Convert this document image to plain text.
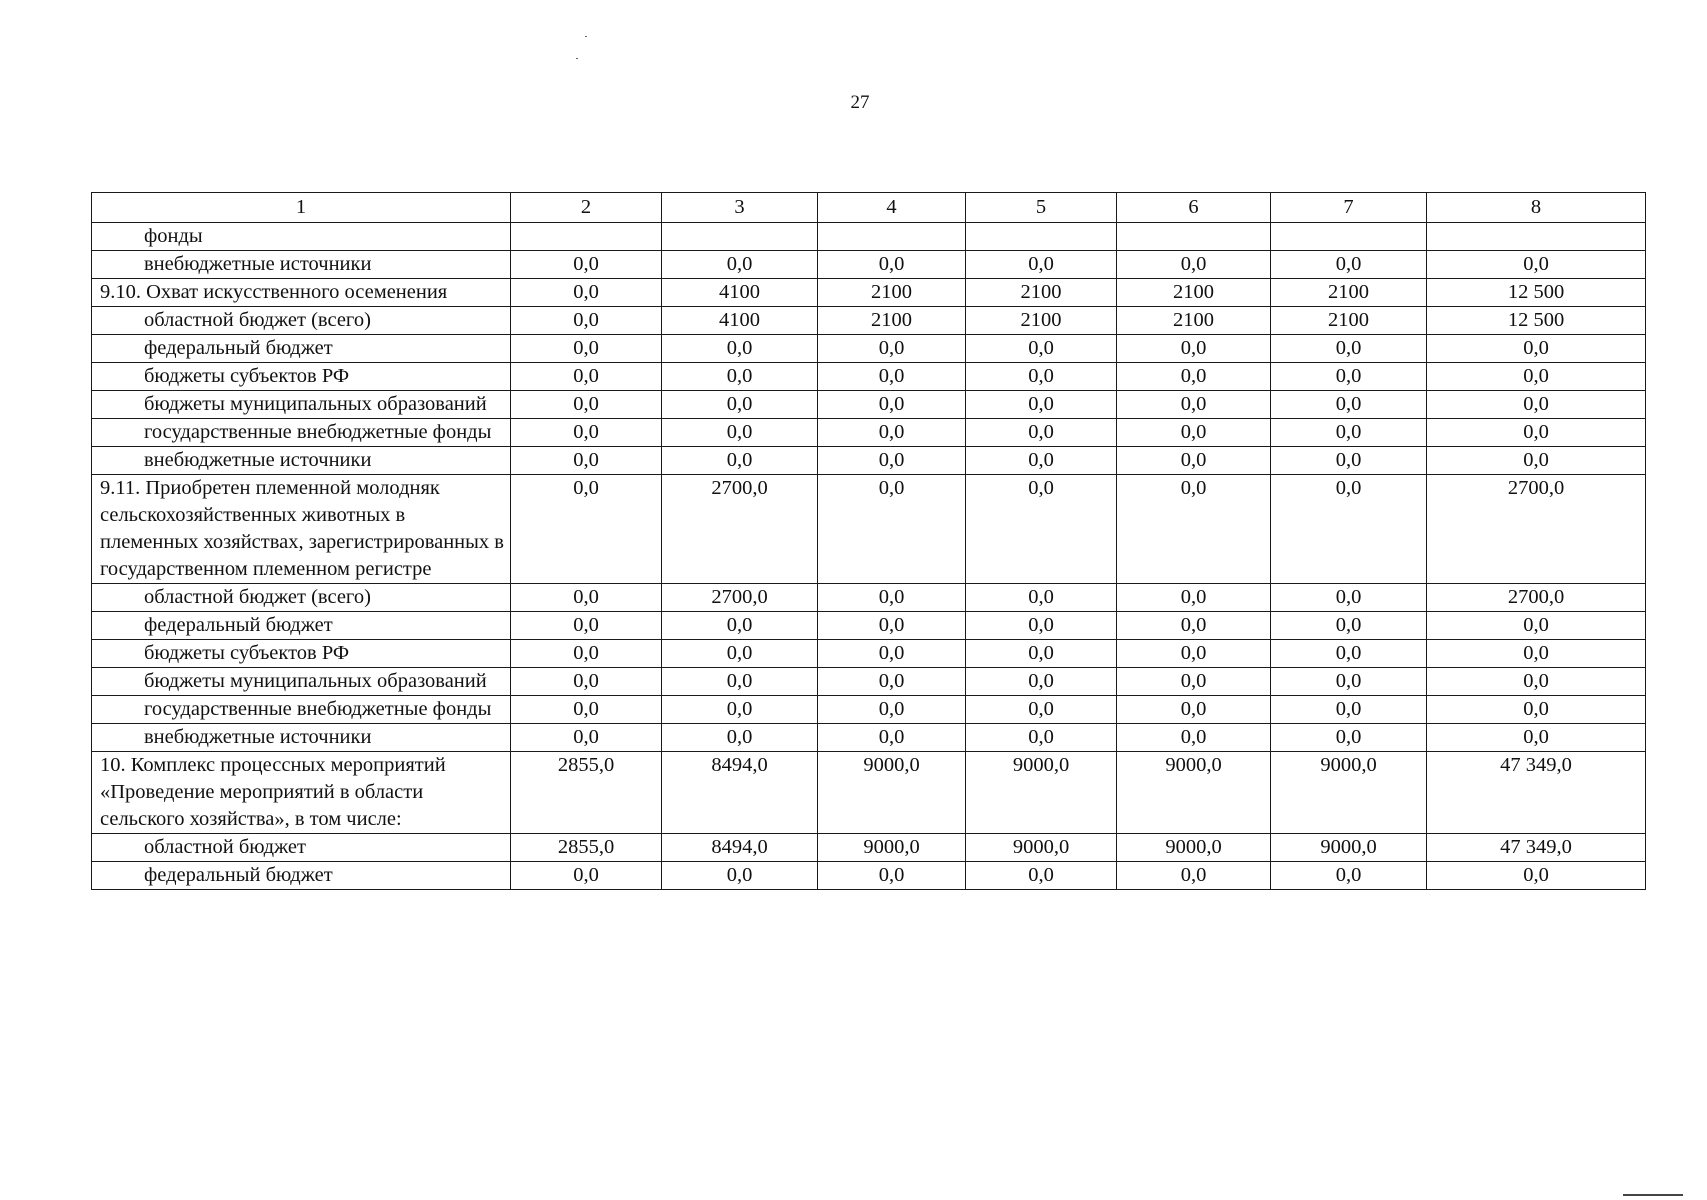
27
1	2	3	4	5	6	7	8
фонды							
внебюджетные источники	0,0	0,0	0,0	0,0	0,0	0,0	0,0
9.10. Охват искусственного осеменения	0,0	4100	2100	2100	2100	2100	12 500
областной бюджет (всего)	0,0	4100	2100	2100	2100	2100	12 500
федеральный бюджет	0,0	0,0	0,0	0,0	0,0	0,0	0,0
бюджеты субъектов РФ	0,0	0,0	0,0	0,0	0,0	0,0	0,0
бюджеты муниципальных образований	0,0	0,0	0,0	0,0	0,0	0,0	0,0
государственные внебюджетные фонды	0,0	0,0	0,0	0,0	0,0	0,0	0,0
внебюджетные источники	0,0	0,0	0,0	0,0	0,0	0,0	0,0
9.11. Приобретен племенной молодняк сельскохозяйственных животных в племенных хозяйствах, зарегистрированных в государственном племенном регистре	0,0	2700,0	0,0	0,0	0,0	0,0	2700,0
областной бюджет (всего)	0,0	2700,0	0,0	0,0	0,0	0,0	2700,0
федеральный бюджет	0,0	0,0	0,0	0,0	0,0	0,0	0,0
бюджеты субъектов РФ	0,0	0,0	0,0	0,0	0,0	0,0	0,0
бюджеты муниципальных образований	0,0	0,0	0,0	0,0	0,0	0,0	0,0
государственные внебюджетные фонды	0,0	0,0	0,0	0,0	0,0	0,0	0,0
внебюджетные источники	0,0	0,0	0,0	0,0	0,0	0,0	0,0
10. Комплекс процессных мероприятий «Проведение мероприятий в области сельского хозяйства», в том числе:	2855,0	8494,0	9000,0	9000,0	9000,0	9000,0	47 349,0
областной бюджет	2855,0	8494,0	9000,0	9000,0	9000,0	9000,0	47 349,0
федеральный бюджет	0,0	0,0	0,0	0,0	0,0	0,0	0,0
